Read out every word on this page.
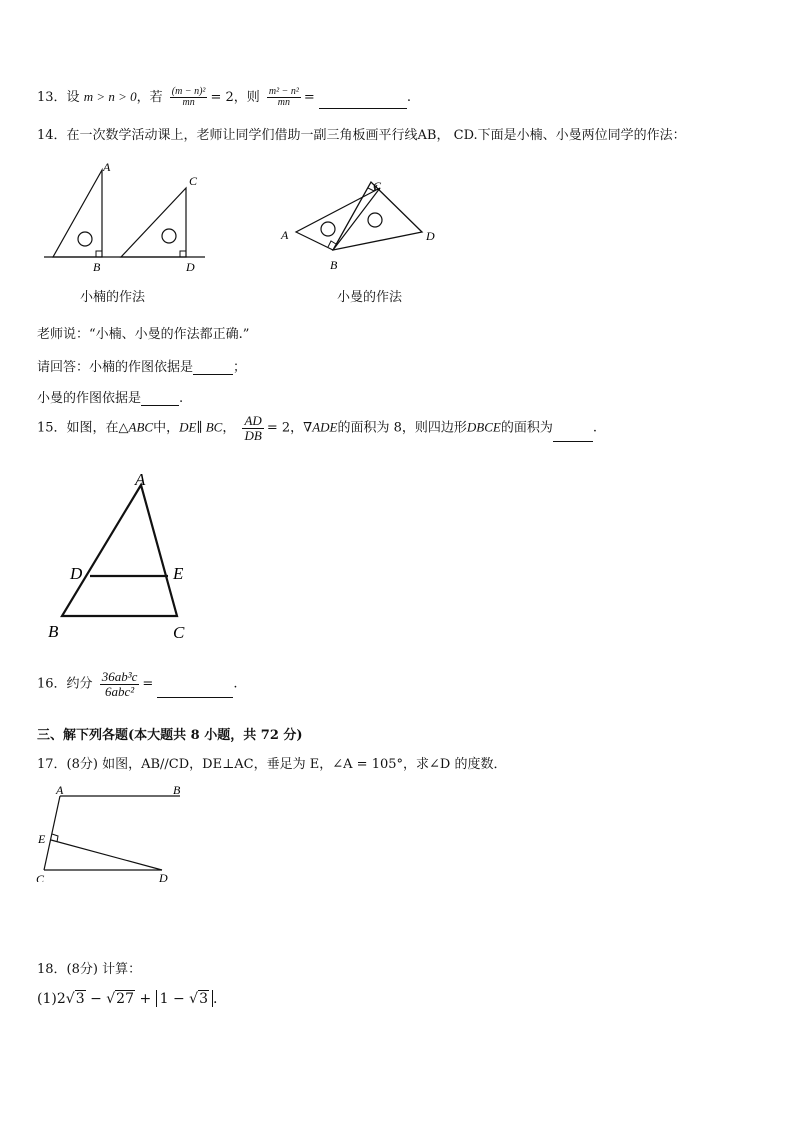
13．设 m > n > 0，若 $\frac{\text{(m − n)²}}{mn} = 2$，则 $\frac{\text{m² − n²}}{mn}$ =	.
14．在一次数学活动课上，老师让同学们借助一副三角板画平行线AB， CD.下面是小楠、小曼两位同学的作法：
A
B
C
D
小楠的作法
A
B
C
D
小曼的作法
老师说：“小楠、小曼的作法都正确.”
请回答：小楠的作图依据是	；
小曼的作图依据是	.
15．如图，在△ABC中，DE∥ BC， $\frac{AD}{DB} = 2$，∇ADE的面积为 8，则四边形DBCE的面积为	.
A
D	E
B	C
16．约分 $\frac{\text{36ab³c}}{\text{6abc²}}$ =	.
三、解下列各题(本大题共 8 小题，共 72 分)
17．(8分) 如图，AB//CD，DE⊥AC，垂足为 E，∠A = 105°，求∠D 的度数．
A	B
E
C	D
18．(8分) 计算：
(1)2√3 − √27 + 1 − √3 .
